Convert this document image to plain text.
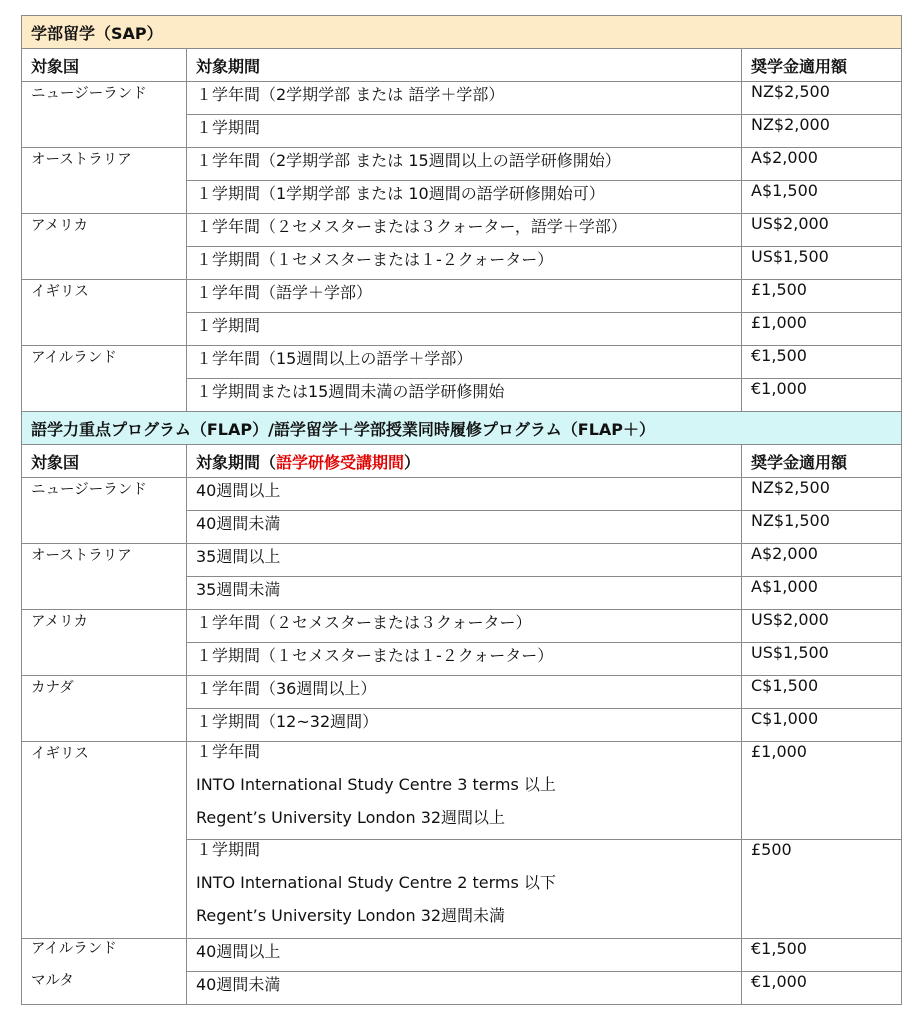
学部留学（SAP）		
対象国	対象期間	奨学金適用額
ニュージーランド	１学年間（2学期学部 または 語学＋学部）	NZ$2,500
	１学期間	NZ$2,000
オーストラリア	１学年間（2学期学部 または 15週間以上の語学研修開始）	A$2,000
	１学期間（1学期学部 または 10週間の語学研修開始可）	A$1,500
アメリカ	１学年間（２セメスターまたは３クォーター，語学＋学部）	US$2,000
	１学期間（１セメスターまたは１-２クォーター）	US$1,500
イギリス	１学年間（語学＋学部）	£1,500
	１学期間	£1,000
アイルランド	１学年間（15週間以上の語学＋学部）	€1,500
	１学期間または15週間未満の語学研修開始	€1,000
語学力重点プログラム（FLAP）/語学留学＋学部授業同時履修プログラム（FLAP＋）		
対象国	対象期間（語学研修受講期間）	奨学金適用額
ニュージーランド	40週間以上	NZ$2,500
	40週間未満	NZ$1,500
オーストラリア	35週間以上	A$2,000
	35週間未満	A$1,000
アメリカ	１学年間（２セメスターまたは３クォーター）	US$2,000
	１学期間（１セメスターまたは１-２クォーター）	US$1,500
カナダ	１学年間（36週間以上）	C$1,500
	１学期間（12~32週間）	C$1,000
イギリス	１学年間
INTO International Study Centre 3 terms 以上
Regent’s University London 32週間以上	£1,000

	１学期間
INTO International Study Centre 2 terms 以下
Regent’s University London 32週間未満	£500

アイルランド
マルタ	40週間以上	€1,500
	40週間未満	€1,000
